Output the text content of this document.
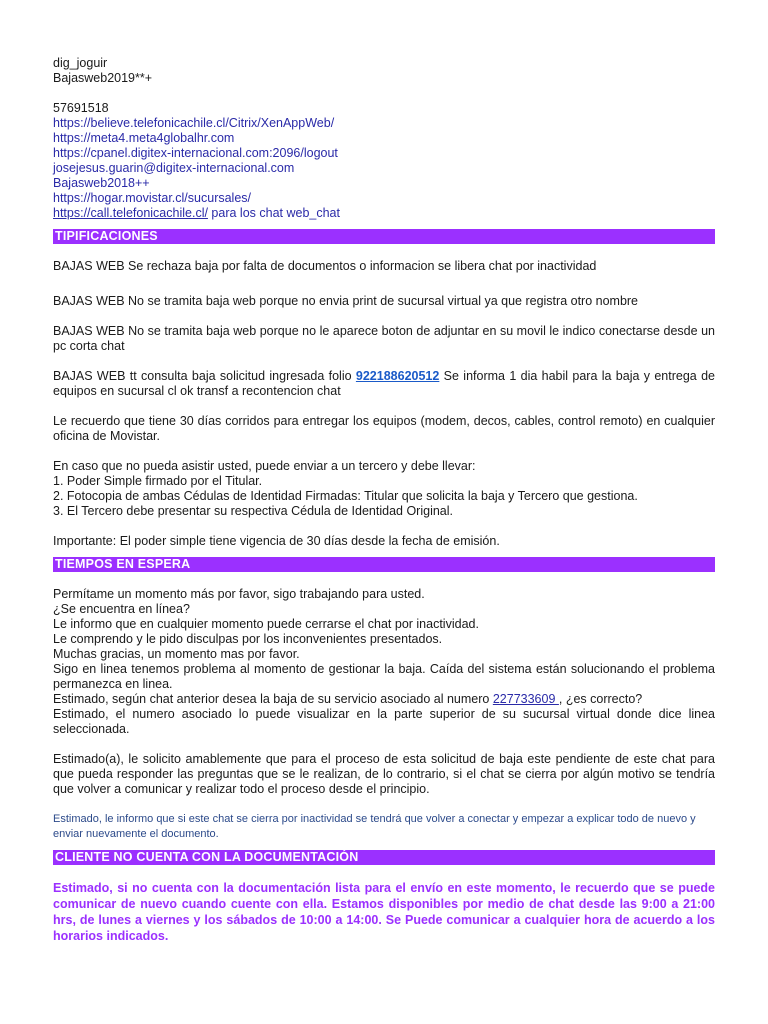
dig_joguir
Bajasweb2019**+
57691518
https://believe.telefonicachile.cl/Citrix/XenAppWeb/
https://meta4.meta4globalhr.com
https://cpanel.digitex-internacional.com:2096/logout
josejesus.guarin@digitex-internacional.com
Bajasweb2018++
https://hogar.movistar.cl/sucursales/
https://call.telefonicachile.cl/ para los chat web_chat
TIPIFICACIONES
BAJAS WEB Se rechaza baja por falta de documentos o informacion se libera chat por inactividad
BAJAS WEB No se tramita baja web porque no envia print de sucursal virtual ya que registra otro nombre
BAJAS WEB No se tramita baja web porque no le aparece boton de adjuntar en su movil le indico conectarse desde un pc corta chat
BAJAS WEB tt consulta baja solicitud ingresada folio 922188620512 Se informa 1 dia habil para la baja y entrega de equipos en sucursal cl ok transf a recontencion chat
Le recuerdo que tiene 30 días corridos para entregar los equipos (modem, decos, cables, control remoto) en cualquier oficina de Movistar.
En caso que no pueda asistir usted, puede enviar a un tercero y debe llevar:
1. Poder Simple firmado por el Titular.
2. Fotocopia de ambas Cédulas de Identidad Firmadas: Titular que solicita la baja y Tercero que gestiona.
3. El Tercero debe presentar su respectiva Cédula de Identidad Original.
Importante: El poder simple tiene vigencia de 30 días desde la fecha de emisión.
TIEMPOS EN ESPERA
Permítame un momento más por favor, sigo trabajando para usted.
¿Se encuentra en línea?
Le informo que en cualquier momento puede cerrarse el chat por inactividad.
Le comprendo y le pido disculpas por los inconvenientes presentados.
Muchas gracias, un momento mas por favor.
Sigo en linea tenemos problema al momento de gestionar la baja. Caída del sistema están solucionando el problema permanezca en linea.
Estimado, según chat anterior desea la baja de su servicio asociado al numero 227733609 , ¿es correcto?
Estimado, el numero asociado lo puede visualizar en la parte superior de su sucursal virtual donde dice linea seleccionada.
Estimado(a), le solicito amablemente que para el proceso de esta solicitud de baja este pendiente de este chat para que pueda responder las preguntas que se le realizan, de lo contrario, si el chat se cierra por algún motivo se tendría que volver a comunicar y realizar todo el proceso desde el principio.
Estimado, le informo que si este chat se cierra por inactividad se tendrá que volver a conectar y empezar a explicar todo de nuevo y enviar nuevamente el documento.
CLIENTE NO CUENTA CON LA DOCUMENTACIÓN
Estimado, si no cuenta con la documentación lista para el envío en este momento, le recuerdo que se puede comunicar de nuevo cuando cuente con ella. Estamos disponibles por medio de chat desde las 9:00 a 21:00 hrs, de lunes a viernes y los sábados de 10:00 a 14:00. Se Puede comunicar a cualquier hora de acuerdo a los horarios indicados.
